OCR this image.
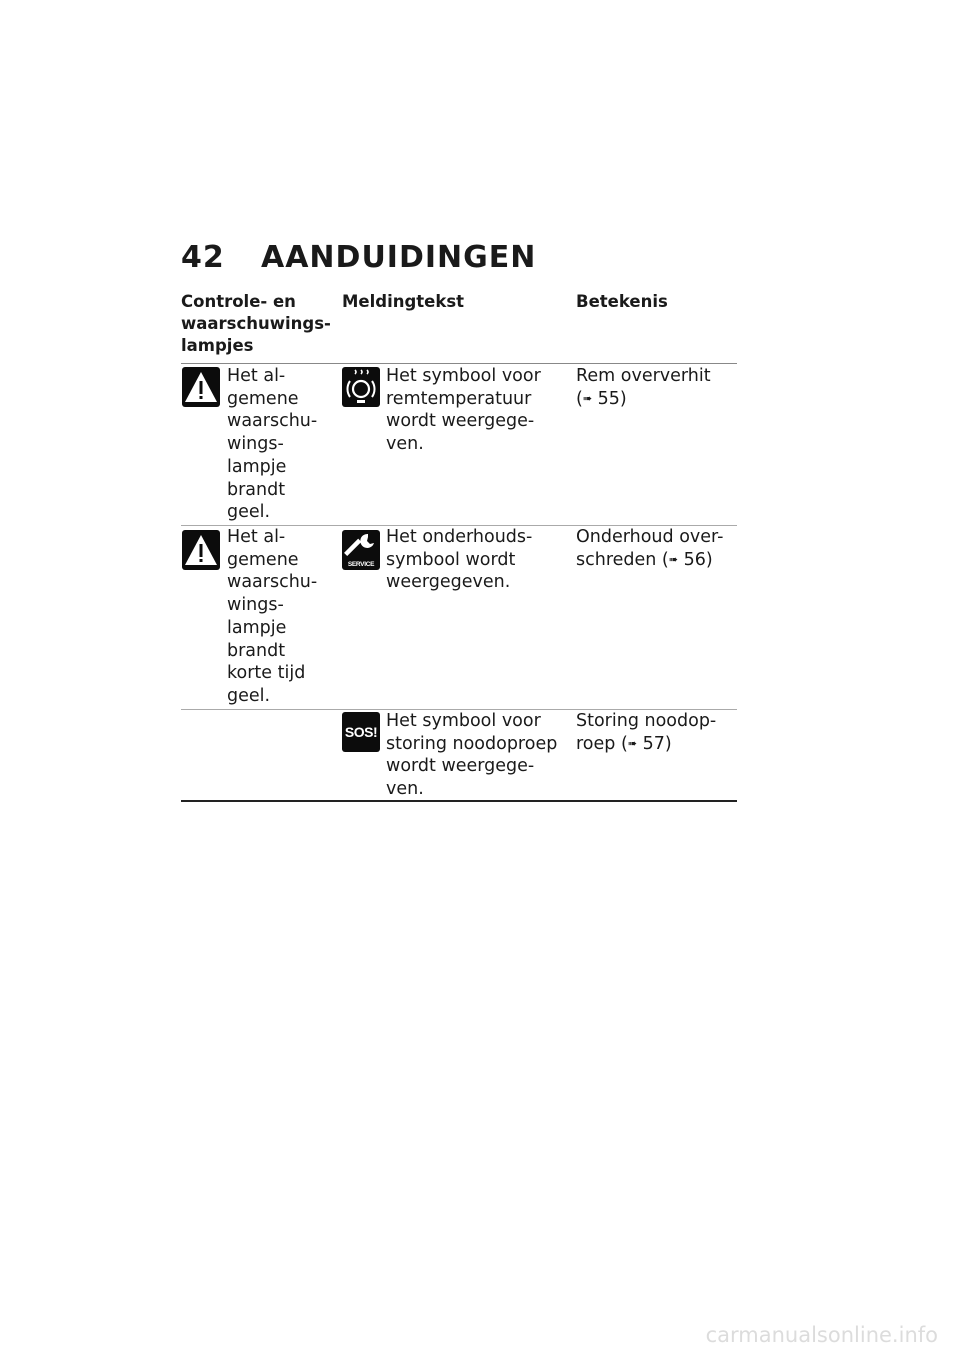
42 AANDUIDINGEN
Controle- en
waarschuwings-
lampjes
Meldingtekst	Betekenis
Het al-
gemene
waarschu-
wings-
lampje
brandt
geel.
Het symbool voor
remtemperatuur
wordt weergege-
ven.
Rem oververhit
(➠ 55)
Het al-
gemene
waarschu-
wings-
lampje
brandt
korte tijd
geel.
SERVICE
Het onderhouds-
symbool wordt
weergegeven.
Onderhoud over-
schreden (➠ 56)
SOS!
Het symbool voor
storing noodoproep
wordt weergege-
ven.
Storing noodop-
roep (➠ 57)
carmanualsonline.info
